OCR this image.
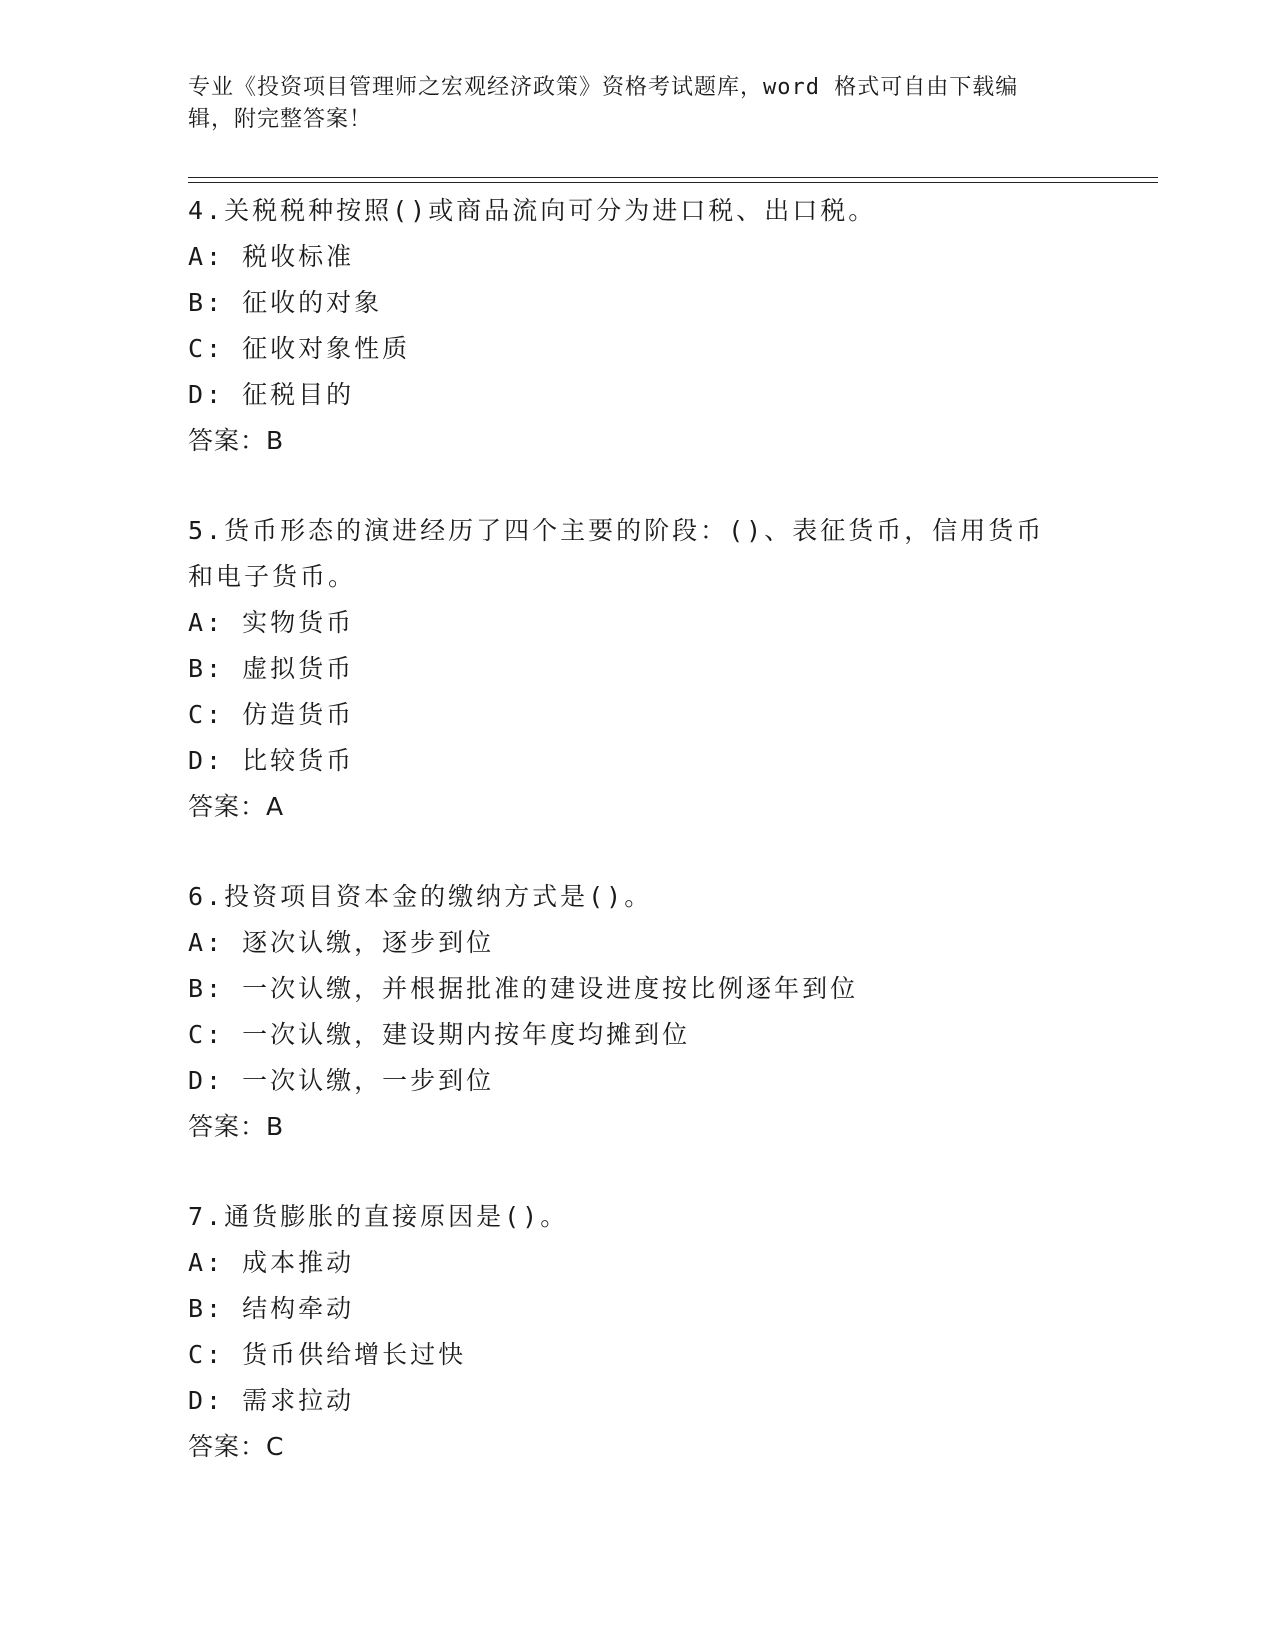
专业《投资项目管理师之宏观经济政策》资格考试题库，word 格式可自由下载编
辑，附完整答案！
4.关税税种按照()或商品流向可分为进口税、出口税。
A: 税收标准
B: 征收的对象
C: 征收对象性质
D: 征税目的
答案：B
5.货币形态的演进经历了四个主要的阶段：()、表征货币，信用货币
和电子货币。
A: 实物货币
B: 虚拟货币
C: 仿造货币
D: 比较货币
答案：A
6.投资项目资本金的缴纳方式是()。
A: 逐次认缴，逐步到位
B: 一次认缴，并根据批准的建设进度按比例逐年到位
C: 一次认缴，建设期内按年度均摊到位
D: 一次认缴，一步到位
答案：B
7.通货膨胀的直接原因是()。
A: 成本推动
B: 结构牵动
C: 货币供给增长过快
D: 需求拉动
答案：C
